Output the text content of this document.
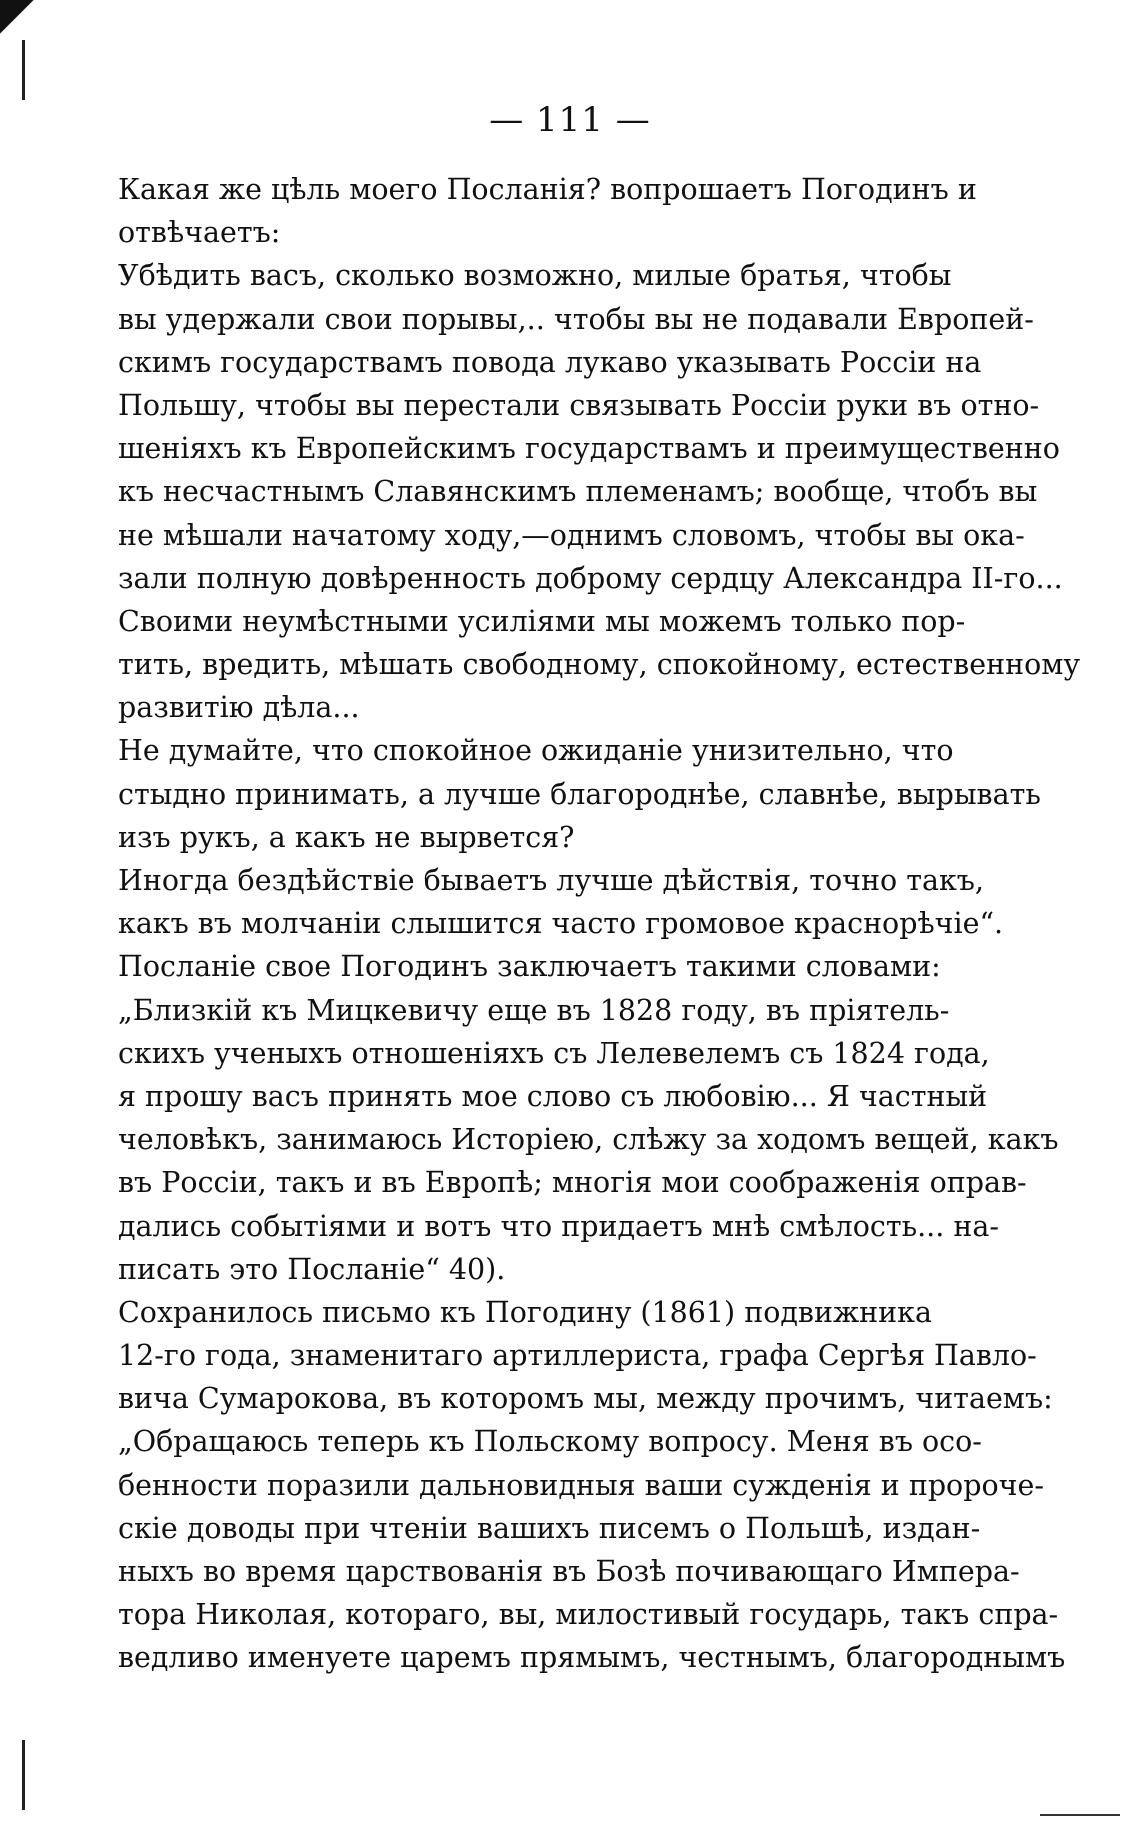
— 111 —
Какая же цѣль моего Посланія? вопрошаетъ Погодинъ и
отвѣчаетъ:
Убѣдить васъ, сколько возможно, милые братья, чтобы
вы удержали свои порывы,.. чтобы вы не подавали Европей-
скимъ государствамъ повода лукаво указывать Россіи на
Польшу, чтобы вы перестали связывать Россіи руки въ отно-
шеніяхъ къ Европейскимъ государствамъ и преимущественно
къ несчастнымъ Славянскимъ племенамъ; вообще, чтобъ вы
не мѣшали начатому ходу,—однимъ словомъ, чтобы вы ока-
зали полную довѣренность доброму сердцу Александра II-го...
Своими неумѣстными усиліями мы можемъ только пор-
тить, вредить, мѣшать свободному, спокойному, естественному
развитію дѣла...
Не думайте, что спокойное ожиданіе унизительно, что
стыдно принимать, а лучше благороднѣе, славнѣе, вырывать
изъ рукъ, а какъ не вырвется?
Иногда бездѣйствіе бываетъ лучше дѣйствія, точно такъ,
какъ въ молчаніи слышится часто громовое краснорѣчіе“.
Посланіе свое Погодинъ заключаетъ такими словами:
„Близкій къ Мицкевичу еще въ 1828 году, въ пріятель-
скихъ ученыхъ отношеніяхъ съ Лелевелемъ съ 1824 года,
я прошу васъ принять мое слово съ любовію... Я частный
человѣкъ, занимаюсь Исторіею, слѣжу за ходомъ вещей, какъ
въ Россіи, такъ и въ Европѣ; многія мои соображенія оправ-
дались событіями и вотъ что придаетъ мнѣ смѣлость... на-
писать это Посланіе“ 40).
Сохранилось письмо къ Погодину (1861) подвижника
12-го года, знаменитаго артиллериста, графа Сергѣя Павло-
вича Сумарокова, въ которомъ мы, между прочимъ, читаемъ:
„Обращаюсь теперь къ Польскому вопросу. Меня въ осо-
бенности поразили дальновидныя ваши сужденія и пророче-
скіе доводы при чтеніи вашихъ писемъ о Польшѣ, издан-
ныхъ во время царствованія въ Бозѣ почивающаго Импера-
тора Николая, котораго, вы, милостивый государь, такъ спра-
ведливо именуете царемъ прямымъ, честнымъ, благороднымъ
